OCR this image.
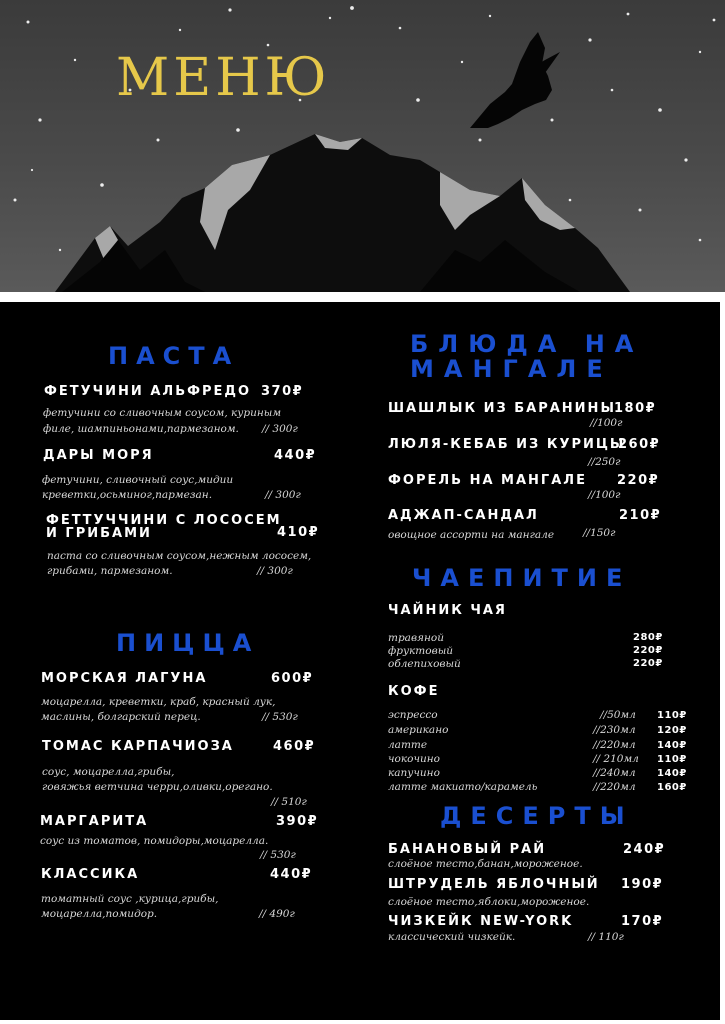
МЕНЮ
ПАСТА
ФЕТУЧИНИ АЛЬФРЕДО 370₽
фетучини со сливочным соусом, куриным
филе, шампиньонами,пармезаном. // 300г
ДАРЫ МОРЯ	440₽
фетучини, сливочный соус,мидии
креветки,осьминог,пармезан.	// 300г
ФЕТТУЧЧИНИ С ЛОСОСЕМ
И ГРИБАМИ	410₽
паста со сливочным соусом,нежным лососем,
грибами, пармезаном.	// 300г
ПИЦЦА
МОРСКАЯ ЛАГУНА	600₽
моцарелла, креветки, краб, красный лук,
маслины, болгарский перец.	// 530г
ТОМАС КАРПАЧИОЗА	460₽
соус, моцарелла,грибы,
говяжья ветчина черри,оливки,орегано.
// 510г
МАРГАРИТА	390₽
соус из томатов, помидоры,моцарелла.
// 530г
КЛАССИКА	440₽
томатный соус ,курица,грибы,
моцарелла,помидор.	// 490г
БЛЮДА НА
МАНГАЛЕ
ШАШЛЫК ИЗ БАРАНИНЫ
180₽
//100г
ЛЮЛЯ-КЕБАБ ИЗ КУРИЦЫ
260₽
//250г
ФОРЕЛЬ НА МАНГАЛЕ 220₽
//100г
АДЖАП-САНДАЛ	210₽
овощное ассорти на мангале	//150г
ЧАЕПИТИЕ
ЧАЙНИК ЧАЯ
травяной	280₽
фруктовый	220₽
облепиховый	220₽
КОФЕ
эспрессо	//50мл 110₽
американо	//230мл 120₽
латте	//220мл 140₽
чокочино	// 210мл 110₽
капучино	//240мл 140₽
латте макиато/карамель	//220мл 160₽
ДЕСЕРТЫ
БАНАНОВЫЙ РАЙ	240₽
слоёное тесто,банан,мороженое.
ШТРУДЕЛЬ ЯБЛОЧНЫЙ 190₽
слоёное тесто,яблоки,мороженое.
ЧИЗКЕЙК NEW-YORK	170₽
классический чизкейк.	// 110г
